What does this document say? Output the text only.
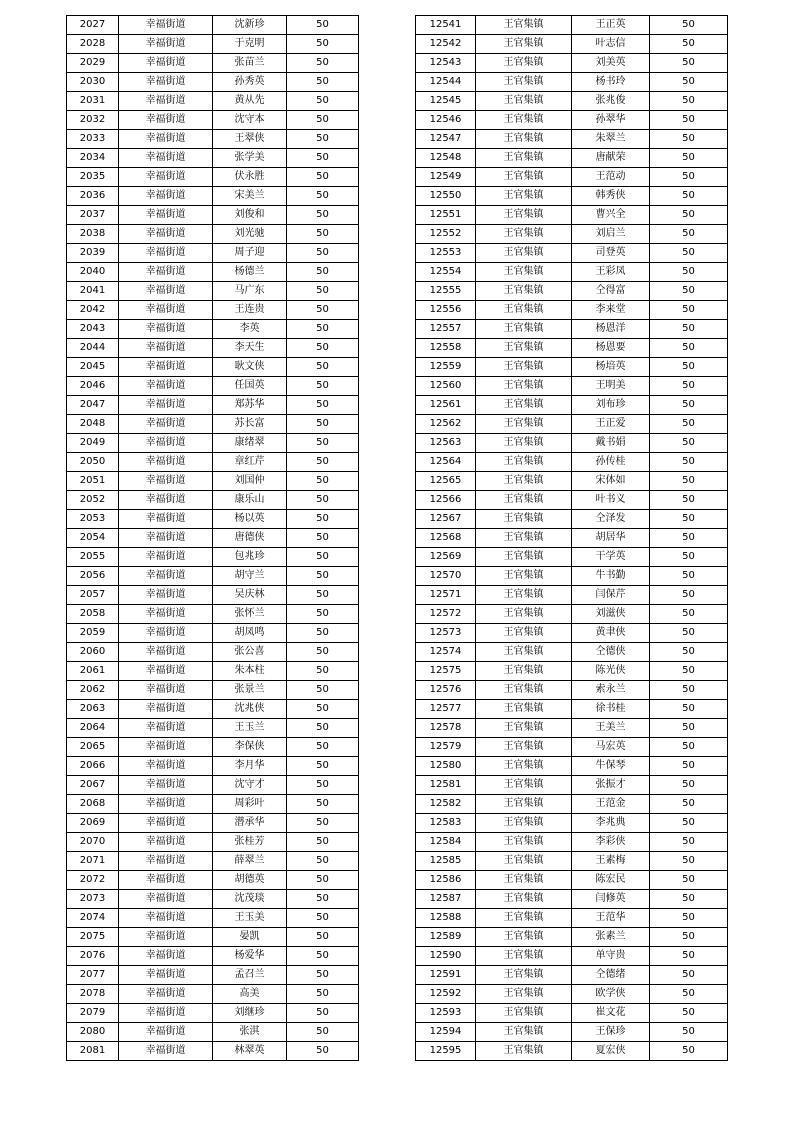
2027	幸福街道	沈新珍	50
2028	幸福街道	于克明	50
2029	幸福街道	张苗兰	50
2030	幸福街道	孙秀英	50
2031	幸福街道	黄从先	50
2032	幸福街道	沈守本	50
2033	幸福街道	王翠侠	50
2034	幸福街道	张学美	50
2035	幸福街道	伏永胜	50
2036	幸福街道	宋美兰	50
2037	幸福街道	刘俊和	50
2038	幸福街道	刘光驰	50
2039	幸福街道	周子迎	50
2040	幸福街道	杨德兰	50
2041	幸福街道	马广东	50
2042	幸福街道	王连贵	50
2043	幸福街道	李英	50
2044	幸福街道	李天生	50
2045	幸福街道	耿文侠	50
2046	幸福街道	任国英	50
2047	幸福街道	郑苏华	50
2048	幸福街道	苏长富	50
2049	幸福街道	康绪翠	50
2050	幸福街道	章红芹	50
2051	幸福街道	刘国仲	50
2052	幸福街道	康乐山	50
2053	幸福街道	杨以英	50
2054	幸福街道	唐德侠	50
2055	幸福街道	包兆珍	50
2056	幸福街道	胡守兰	50
2057	幸福街道	吴庆林	50
2058	幸福街道	张怀兰	50
2059	幸福街道	胡凤鸣	50
2060	幸福街道	张公喜	50
2061	幸福街道	朱本柱	50
2062	幸福街道	张景兰	50
2063	幸福街道	沈兆侠	50
2064	幸福街道	王玉兰	50
2065	幸福街道	李保侠	50
2066	幸福街道	李月华	50
2067	幸福街道	沈守才	50
2068	幸福街道	周彩叶	50
2069	幸福街道	潜承华	50
2070	幸福街道	张桂芳	50
2071	幸福街道	薛翠兰	50
2072	幸福街道	胡德英	50
2073	幸福街道	沈茂琰	50
2074	幸福街道	王玉美	50
2075	幸福街道	晏凯	50
2076	幸福街道	杨爱华	50
2077	幸福街道	孟召兰	50
2078	幸福街道	高美	50
2079	幸福街道	刘继珍	50
2080	幸福街道	张淇	50
2081	幸福街道	林翠英	50
12541	王官集镇	王正英	50
12542	王官集镇	叶志信	50
12543	王官集镇	刘美英	50
12544	王官集镇	杨书玲	50
12545	王官集镇	张兆俊	50
12546	王官集镇	孙翠华	50
12547	王官集镇	朱翠兰	50
12548	王官集镇	唐献荣	50
12549	王官集镇	王范动	50
12550	王官集镇	韩秀侠	50
12551	王官集镇	曹兴全	50
12552	王官集镇	刘启兰	50
12553	王官集镇	司登英	50
12554	王官集镇	王彩凤	50
12555	王官集镇	仝得富	50
12556	王官集镇	李来堂	50
12557	王官集镇	杨恩洋	50
12558	王官集镇	杨恩要	50
12559	王官集镇	杨培英	50
12560	王官集镇	王明美	50
12561	王官集镇	刘布珍	50
12562	王官集镇	王正爱	50
12563	王官集镇	戴书娟	50
12564	王官集镇	孙传桂	50
12565	王官集镇	宋体如	50
12566	王官集镇	叶书义	50
12567	王官集镇	仝泽发	50
12568	王官集镇	胡居华	50
12569	王官集镇	干学英	50
12570	王官集镇	牛书勤	50
12571	王官集镇	闫保芹	50
12572	王官集镇	刘滋侠	50
12573	王官集镇	黄聿侠	50
12574	王官集镇	仝德侠	50
12575	王官集镇	陈光侠	50
12576	王官集镇	索永兰	50
12577	王官集镇	徐书桂	50
12578	王官集镇	王美兰	50
12579	王官集镇	马宏英	50
12580	王官集镇	牛保琴	50
12581	王官集镇	张振才	50
12582	王官集镇	王范金	50
12583	王官集镇	李兆典	50
12584	王官集镇	李彩侠	50
12585	王官集镇	王素梅	50
12586	王官集镇	陈宏民	50
12587	王官集镇	闫修英	50
12588	王官集镇	王范华	50
12589	王官集镇	张素兰	50
12590	王官集镇	单守贵	50
12591	王官集镇	仝德绪	50
12592	王官集镇	欧学侠	50
12593	王官集镇	崔文花	50
12594	王官集镇	王保珍	50
12595	王官集镇	夏宏侠	50
